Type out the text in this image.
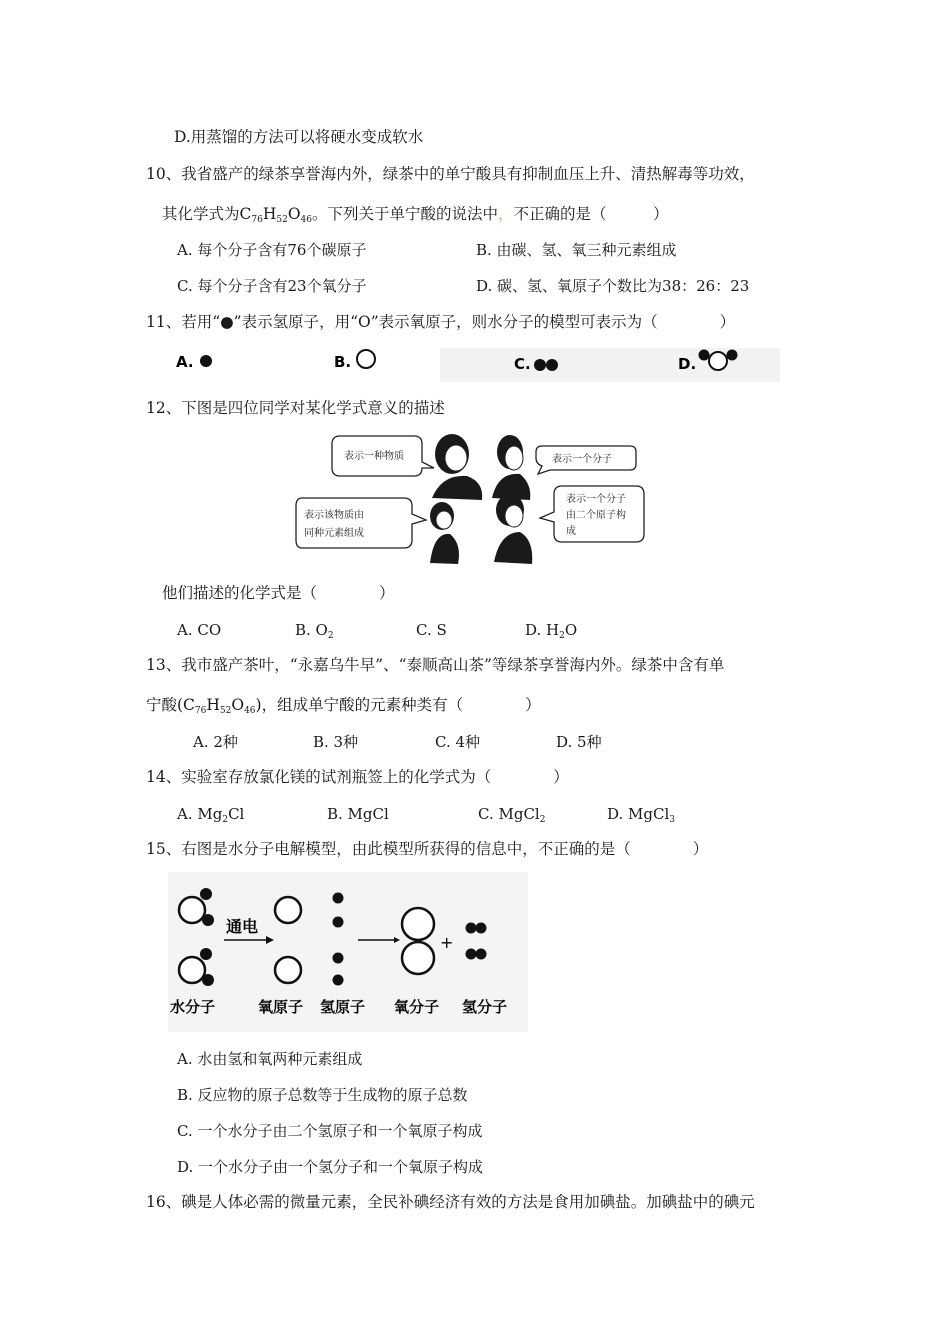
D.用蒸馏的方法可以将硬水变成软水
10、我省盛产的绿茶享誉海内外，绿茶中的单宁酸具有抑制血压上升、清热解毒等功效，
其化学式为$C_{76}H_{52}O_{46}$。下列关于单宁酸的说法中，不正确的是（　　　）
A. 每个分子含有76个碳原子	B. 由碳、氢、氧三种元素组成
C. 每个分子含有23个氧分子	D. 碳、氢、氧原子个数比为38：26：23
11、若用“●”表示氢原子，用“O”表示氧原子，则水分子的模型可表示为（　　　　）
A.	B.	C.	D.
12、下图是四位同学对某化学式意义的描述
表示一种物质	表示一个分子
表示该物质由
同种元素组成
表示一个分子
由二个原子构
成
他们描述的化学式是（　　　　）
A. CO	B. $O_2$	C. S	D. $H_2O$
13、我市盛产茶叶，“永嘉乌牛早”、“泰顺高山茶”等绿茶享誉海内外。绿茶中含有单
宁酸$(C_{76}H_{52}O_{46})$，组成单宁酸的元素种类有（　　　　）
A. 2种	B. 3种	C. 4种	D. 5种
14、实验室存放氯化镁的试剂瓶签上的化学式为（　　　　）
A. $Mg_2Cl$	B. MgCl	C. MgCl$_2$	D. MgCl$_3$
15、右图是水分子电解模型，由此模型所获得的信息中，不正确的是（　　　　）
通电
+
水分子	氧原子 氢原子 氧分子 氢分子
A. 水由氢和氧两种元素组成
B. 反应物的原子总数等于生成物的原子总数
C. 一个水分子由二个氢原子和一个氧原子构成
D. 一个水分子由一个氢分子和一个氧原子构成
16、碘是人体必需的微量元素，全民补碘经济有效的方法是食用加碘盐。加碘盐中的碘元
